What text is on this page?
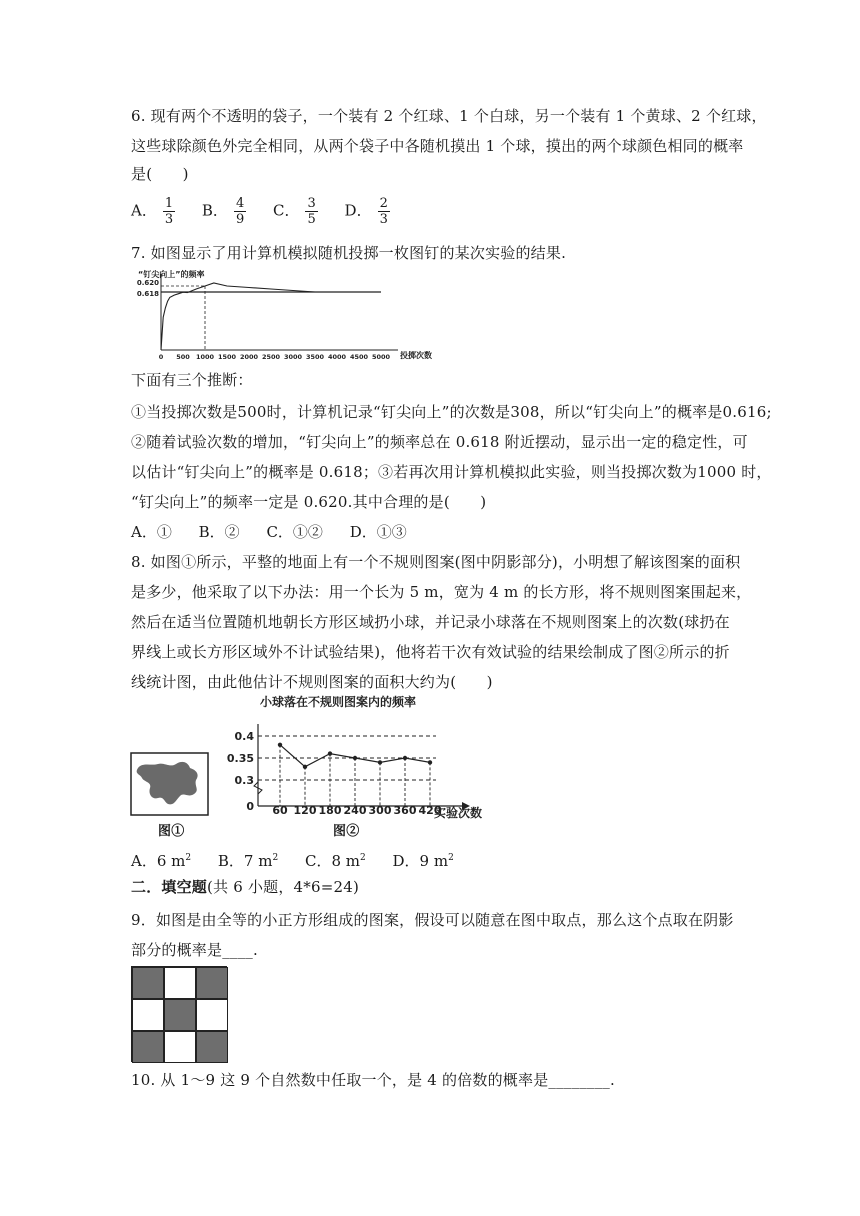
6. 现有两个不透明的袋子，一个装有 2 个红球、1 个白球，另一个装有 1 个黄球、2 个红球，
这些球除颜色外完全相同，从两个袋子中各随机摸出 1 个球，摸出的两个球颜色相同的概率
是(　　)
A． $\frac{1}{3}$ B． $\frac{4}{9}$ C． $\frac{3}{5}$ D． $\frac{2}{3}$
7. 如图显示了用计算机模拟随机投掷一枚图钉的某次实验的结果.
“钉尖向上”的频率
0 500 1000 1500 2000 2500 3000 3500 4000 4500 5000
0.618
0.620
投掷次数
下面有三个推断：
①当投掷次数是500时，计算机记录“钉尖向上”的次数是308，所以“钉尖向上”的概率是0.616;
②随着试验次数的增加，“钉尖向上”的频率总在 0.618 附近摆动，显示出一定的稳定性，可
以估计“钉尖向上”的概率是 0.618；③若再次用计算机模拟此实验，则当投掷次数为1000 时，
“钉尖向上”的频率一定是 0.620.其中合理的是(　　)
A．① B．② C．①② D．①③
8. 如图①所示，平整的地面上有一个不规则图案(图中阴影部分)，小明想了解该图案的面积
是多少，他采取了以下办法：用一个长为 5 m，宽为 4 m 的长方形，将不规则图案围起来，
然后在适当位置随机地朝长方形区域扔小球，并记录小球落在不规则图案上的次数(球扔在
界线上或长方形区域外不计试验结果)，他将若干次有效试验的结果绘制成了图②所示的折
线统计图，由此他估计不规则图案的面积大约为(　　)
图①
小球落在不规则图案内的频率
0
0.3
0.35
0.4
60 120 180 240 300 360 420
实验次数
图②
A．6 $m^2$ B．7 $m^2$ C．8 $m^2$ D．9 $m^2$
二．填空题(共 6 小题，4*6=24)
9．如图是由全等的小正方形组成的图案，假设可以随意在图中取点，那么这个点取在阴影
部分的概率是____.
10. 从 1～9 这 9 个自然数中任取一个，是 4 的倍数的概率是________.
